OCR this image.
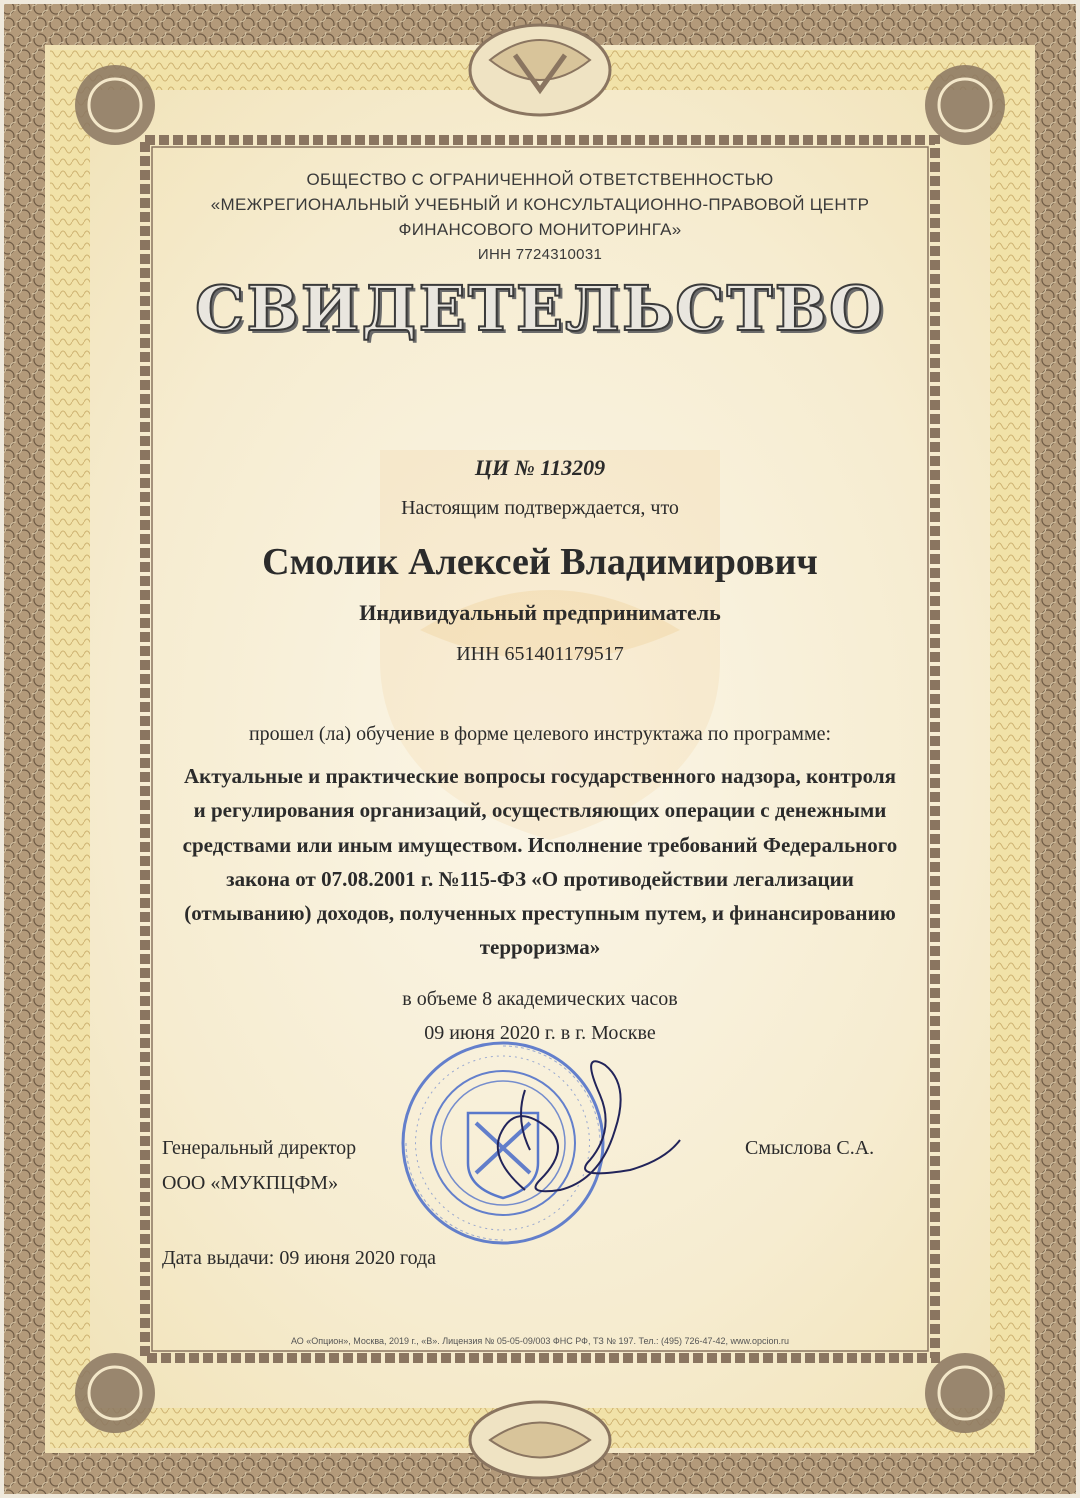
ОБЩЕСТВО С ОГРАНИЧЕННОЙ ОТВЕТСТВЕННОСТЬЮ
«МЕЖРЕГИОНАЛЬНЫЙ УЧЕБНЫЙ И КОНСУЛЬТАЦИОННО-ПРАВОВОЙ ЦЕНТР
ФИНАНСОВОГО МОНИТОРИНГА»
ИНН 7724310031
СВИДЕТЕЛЬСТВО
ЦИ № 113209
Настоящим подтверждается, что
Смолик Алексей Владимирович
Индивидуальный предприниматель
ИНН 651401179517
прошел (ла) обучение в форме целевого инструктажа по программе:
Актуальные и практические вопросы государственного надзора, контроля
и регулирования организаций, осуществляющих операции с денежными
средствами или иным имуществом. Исполнение требований Федерального
закона от 07.08.2001 г. №115-ФЗ «О противодействии легализации
(отмыванию) доходов, полученных преступным путем, и финансированию
терроризма»
в объеме 8 академических часов
09 июня 2020 г. в г. Москве
Генеральный директор
ООО «МУКПЦФМ»
Смыслова С.А.
Дата выдачи: 09 июня 2020 года
АО «Опцион», Москва, 2019 г., «В». Лицензия № 05-05-09/003 ФНС РФ, ТЗ № 197. Тел.: (495) 726-47-42, www.opcion.ru
